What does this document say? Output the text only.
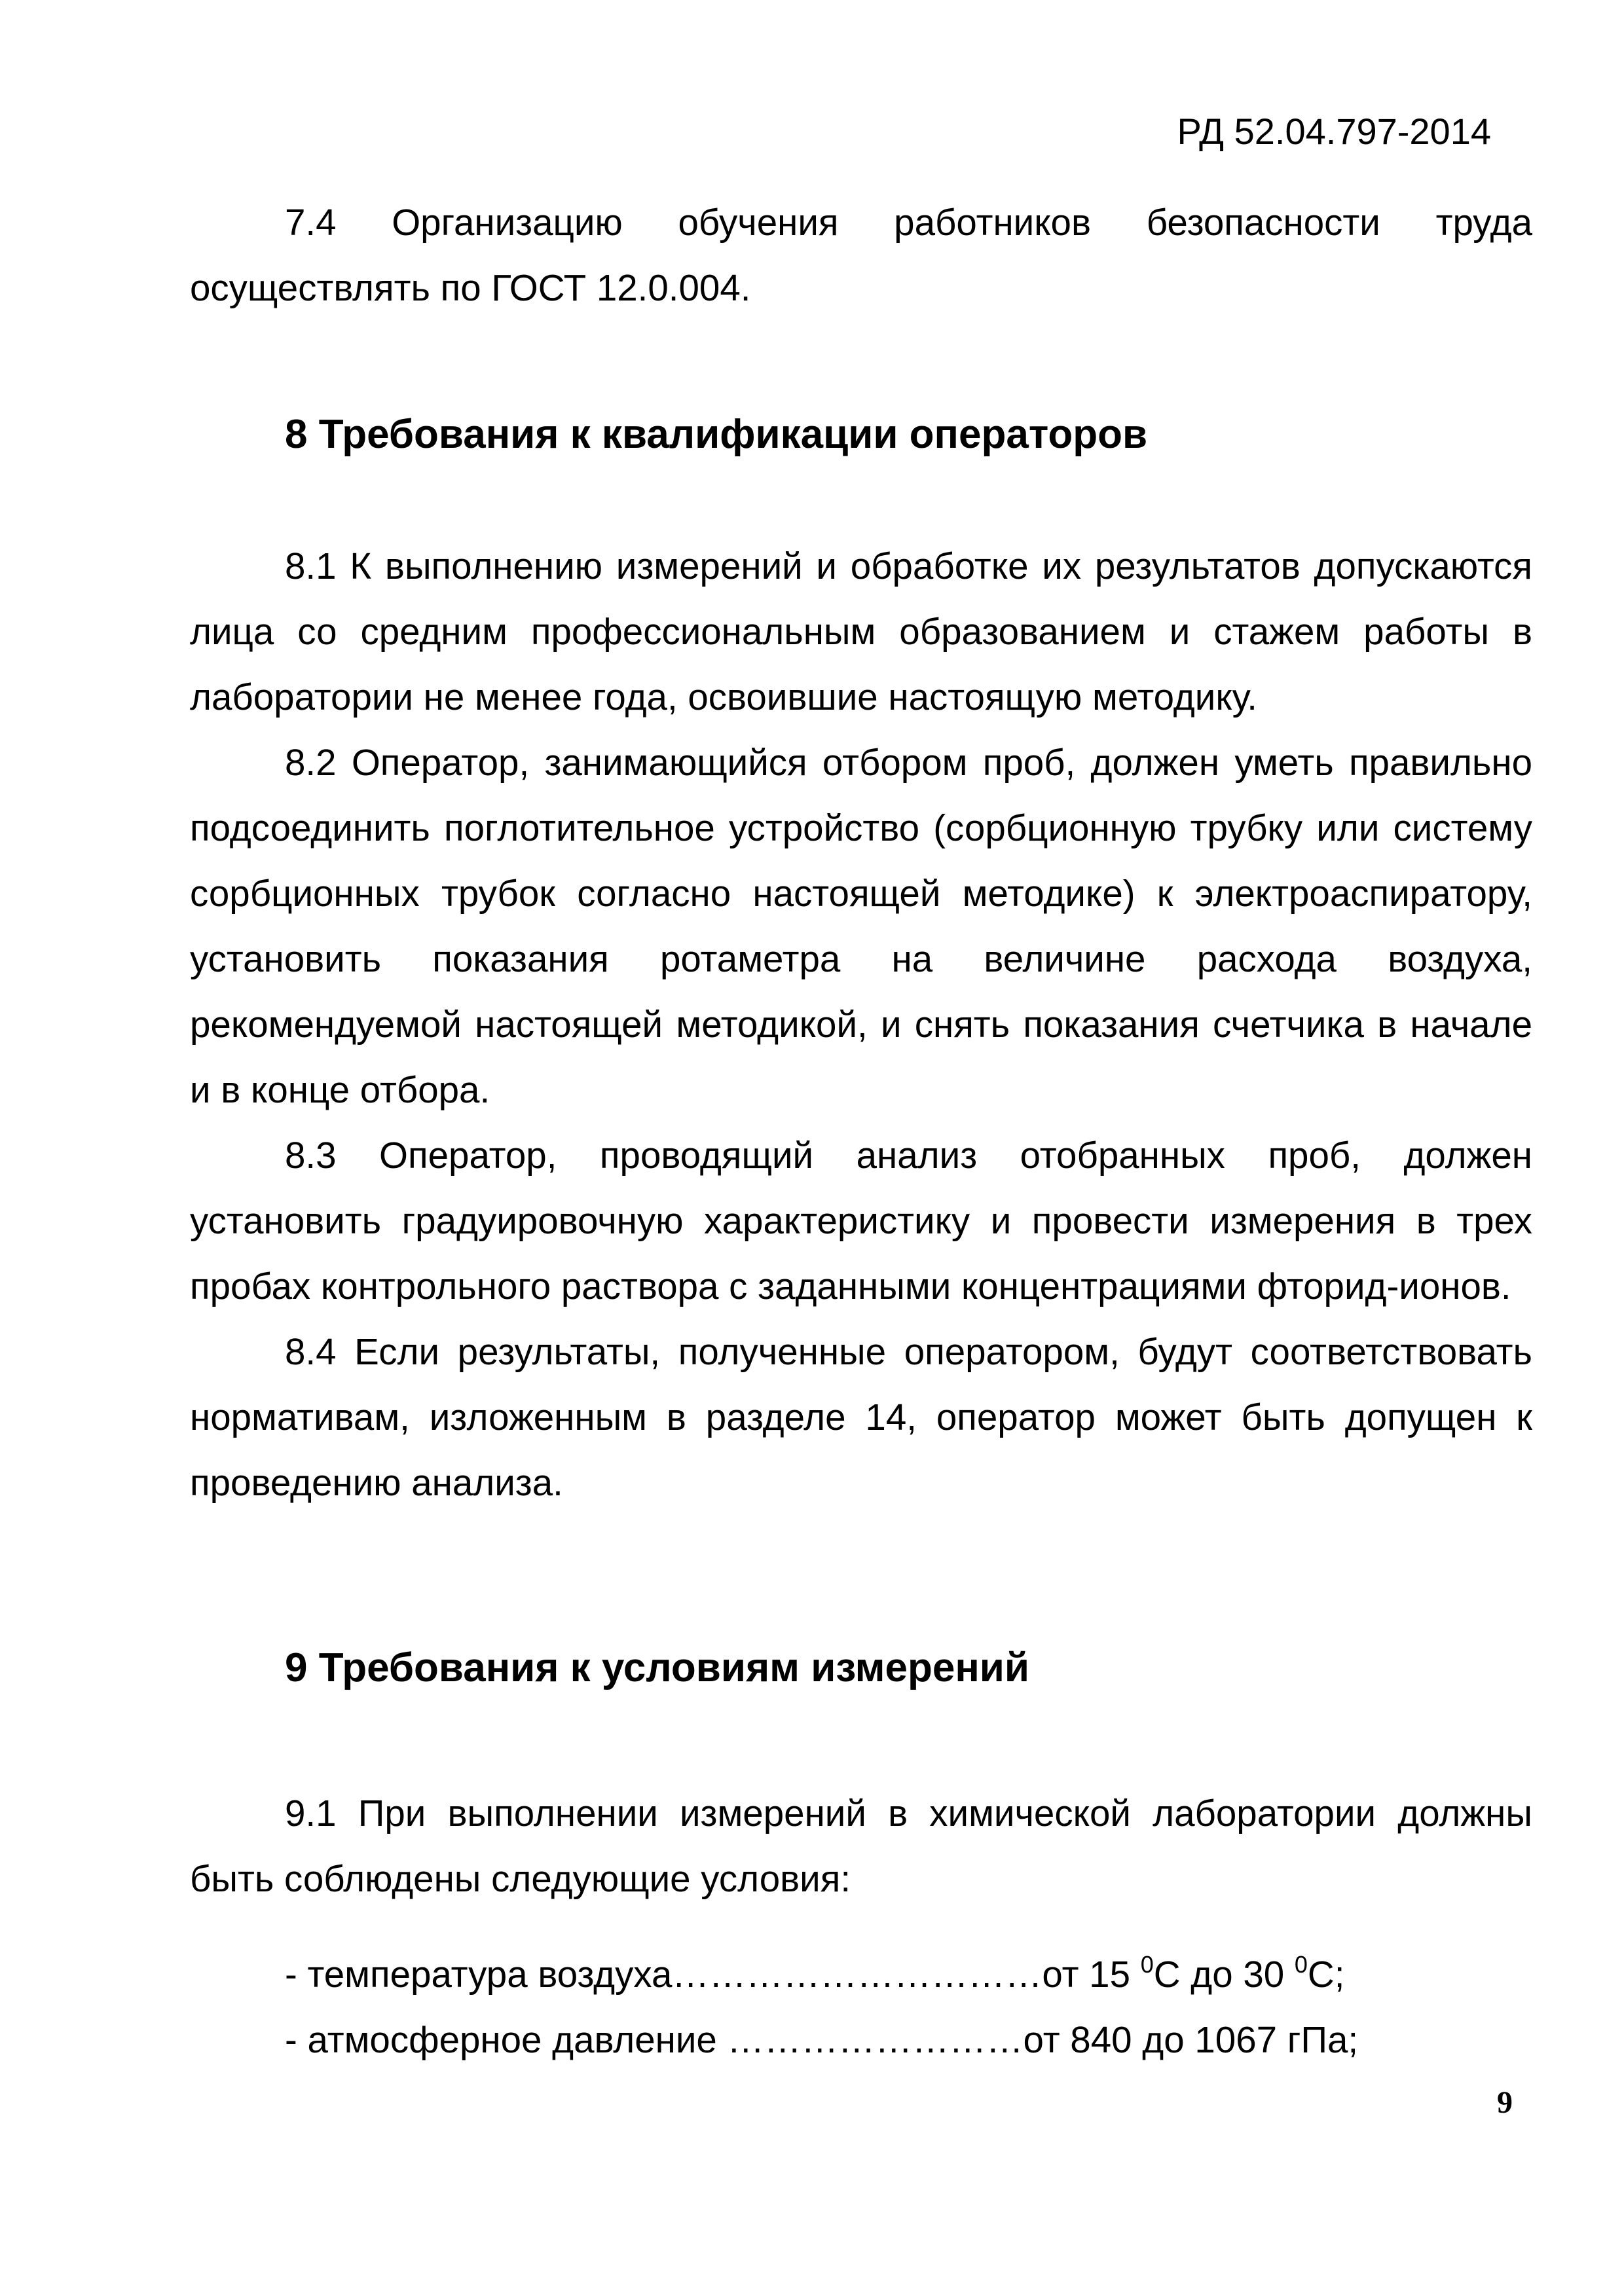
РД 52.04.797-2014

7.4 Организацию обучения работников безопасности труда осуществлять по ГОСТ 12.0.004.

8 Требования к квалификации операторов

8.1 К выполнению измерений и обработке их результатов допускаются лица со средним профессиональным образованием и стажем работы в лаборатории не менее года, освоившие настоящую методику.

8.2 Оператор, занимающийся отбором проб, должен уметь правильно подсоединить поглотительное устройство (сорбционную трубку или систему сорбционных трубок согласно настоящей методике) к электроаспиратору, установить показания ротаметра на величине расхода воздуха, рекомендуемой настоящей методикой, и снять показания счетчика в начале и в конце отбора.

8.3 Оператор, проводящий анализ отобранных проб, должен установить градуировочную характеристику и провести измерения в трех пробах контрольного раствора с заданными концентрациями фторид-ионов.

8.4 Если результаты, полученные оператором, будут соответствовать нормативам, изложенным в разделе 14, оператор может быть допущен к проведению анализа.

9 Требования к условиям измерений

9.1 При выполнении измерений в химической лаборатории должны быть соблюдены следующие условия:

- температура воздуха…………………………от 15 $^0$С до 30 $^0$С;
- атмосферное давление ……………………от 840 до 1067 гПа;
9
